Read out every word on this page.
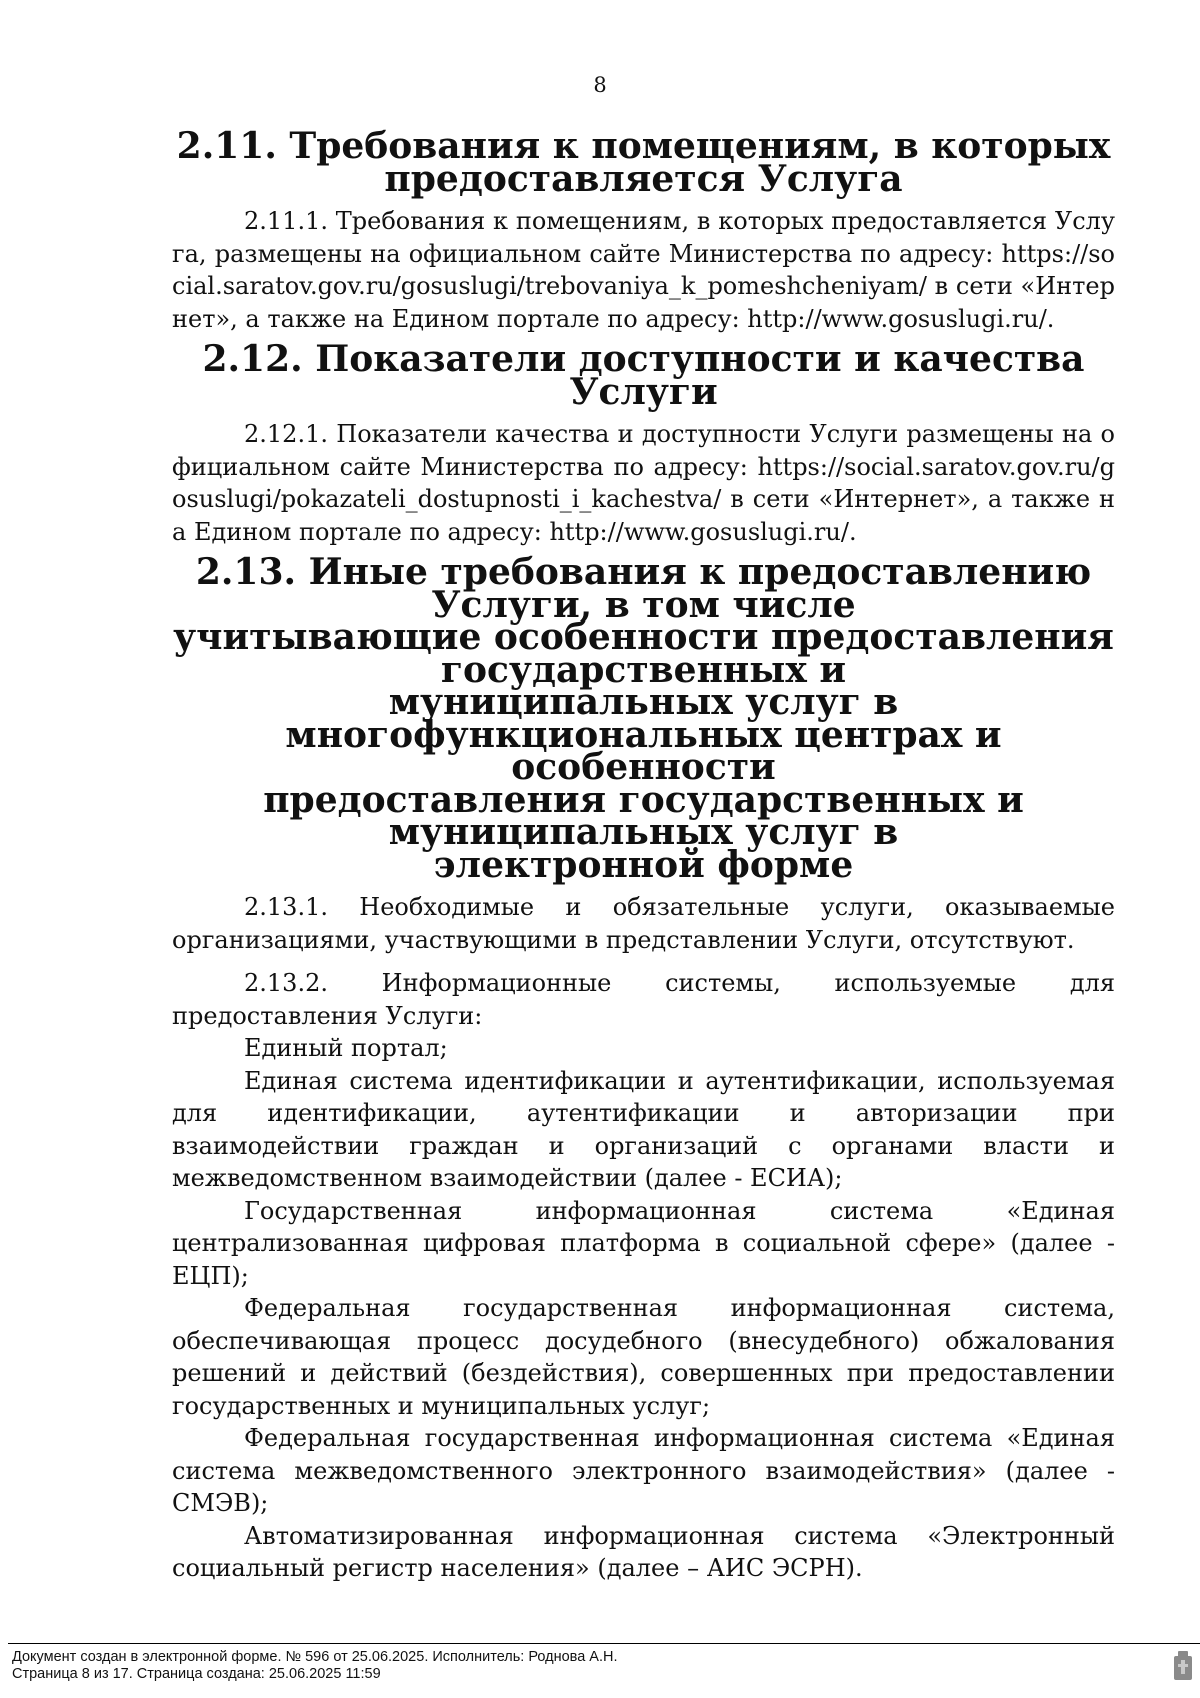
8
2.11. Требования к помещениям, в которых предоставляется Услуга

2.11.1. Требования к помещениям, в которых предоставляется Услуга, размещены на официальном сайте Министерства по адресу: https://social.saratov.gov.ru/gosuslugi/trebovaniya_k_pomeshcheniyam/ в сети «Интернет», а также на Едином портале по адресу: http://www.gosuslugi.ru/.

2.12. Показатели доступности и качества Услуги

2.12.1. Показатели качества и доступности Услуги размещены на официальном сайте Министерства по адресу: https://social.saratov.gov.ru/gosuslugi/pokazateli_dostupnosti_i_kachestva/ в сети «Интернет», а также на Едином портале по адресу: http://www.gosuslugi.ru/.

2.13. Иные требования к предоставлению Услуги, в том числе
учитывающие особенности предоставления государственных и
муниципальных услуг в многофункциональных центрах и особенности
предоставления государственных и муниципальных услуг в
электронной форме

2.13.1. Необходимые и обязательные услуги, оказываемые организациями, участвующими в представлении Услуги, отсутствуют.

2.13.2. Информационные системы, используемые для предоставления Услуги:

Единый портал;

Единая система идентификации и аутентификации, используемая для идентификации, аутентификации и авторизации при взаимодействии граждан и организаций с органами власти и межведомственном взаимодействии (далее - ЕСИА);

Государственная информационная система «Единая централизованная цифровая платформа в социальной сфере» (далее - ЕЦП);

Федеральная государственная информационная система, обеспечивающая процесс досудебного (внесудебного) обжалования решений и действий (бездействия), совершенных при предоставлении государственных и муниципальных услуг;

Федеральная государственная информационная система «Единая система межведомственного электронного взаимодействия» (далее - СМЭВ);

Автоматизированная информационная система «Электронный социальный регистр населения» (далее – АИС ЭСРН).

Документ создан в электронной форме. № 596 от 25.06.2025. Исполнитель: Роднова А.Н.
Страница 8 из 17. Страница создана: 25.06.2025 11:59
